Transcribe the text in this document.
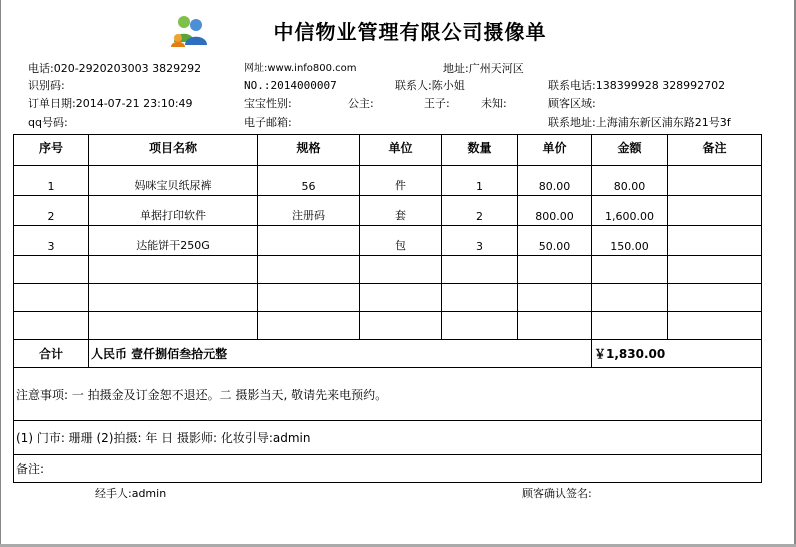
中信物业管理有限公司摄像单
电话:020-2920203003 3829292	网址:www.info800.com	地址:广州天河区
识别码:	NO.:2014000007	联系人:陈小姐	联系电话:138399928 328992702
订单日期:2014-07-21 23:10:49	宝宝性别:	公主:	王子:	未知:	顾客区域:
qq号码:	电子邮箱:	联系地址:上海浦东新区浦东路21号3f
序号	项目名称	规格	单位	数量	单价	金额	备注
1	妈咪宝贝纸尿裤	56	件	1	80.00	80.00	
2	单据打印软件	注册码	套	2	800.00	1,600.00	
3	达能饼干250G		包	3	50.00	150.00	

合计	人民币 壹仟捌佰叁拾元整					￥1,830.00	
注意事项: 一 拍摄金及订金恕不退还。二 摄影当天, 敬请先来电预约。							
(1) 门市: 珊珊 (2)拍摄: 年 日 摄影师: 化妆引导:admin							
备注:							
经手人:admin	顾客确认签名:
